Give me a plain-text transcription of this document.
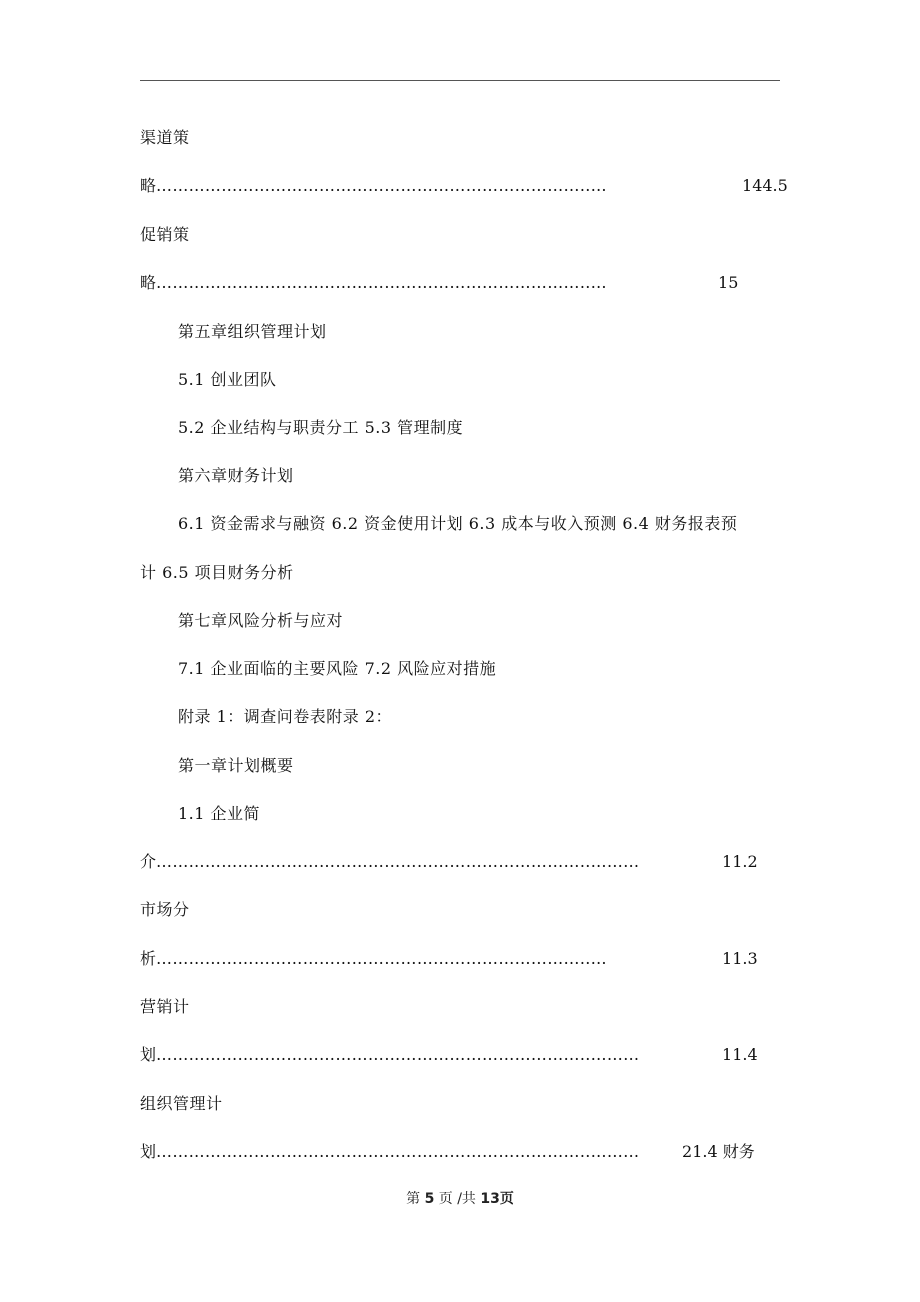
渠道策
略 ……………………………………………………………………..…	144.5
促销策
略 ……………………………………………………………………..…	15
第五章组织管理计划
5.1 创业团队
5.2 企业结构与职责分工 5.3 管理制度
第六章财务计划
6.1 资金需求与融资 6.2 资金使用计划 6.3 成本与收入预测 6.4 财务报表预
计 6.5 项目财务分析
第七章风险分析与应对
7.1 企业面临的主要风险 7.2 风险应对措施
附录 1：调查问卷表附录 2：
第一章计划概要
1.1 企业简
介 ……………………………………………………………………..………	11.2
市场分
析 ……………………………………………………………………..…	11.3
营销计
划 ……………………………………………………………………..………	11.4
组织管理计
划 ……………………………………………………………………..………	21.4 财务
第 5 页 /共 13页
